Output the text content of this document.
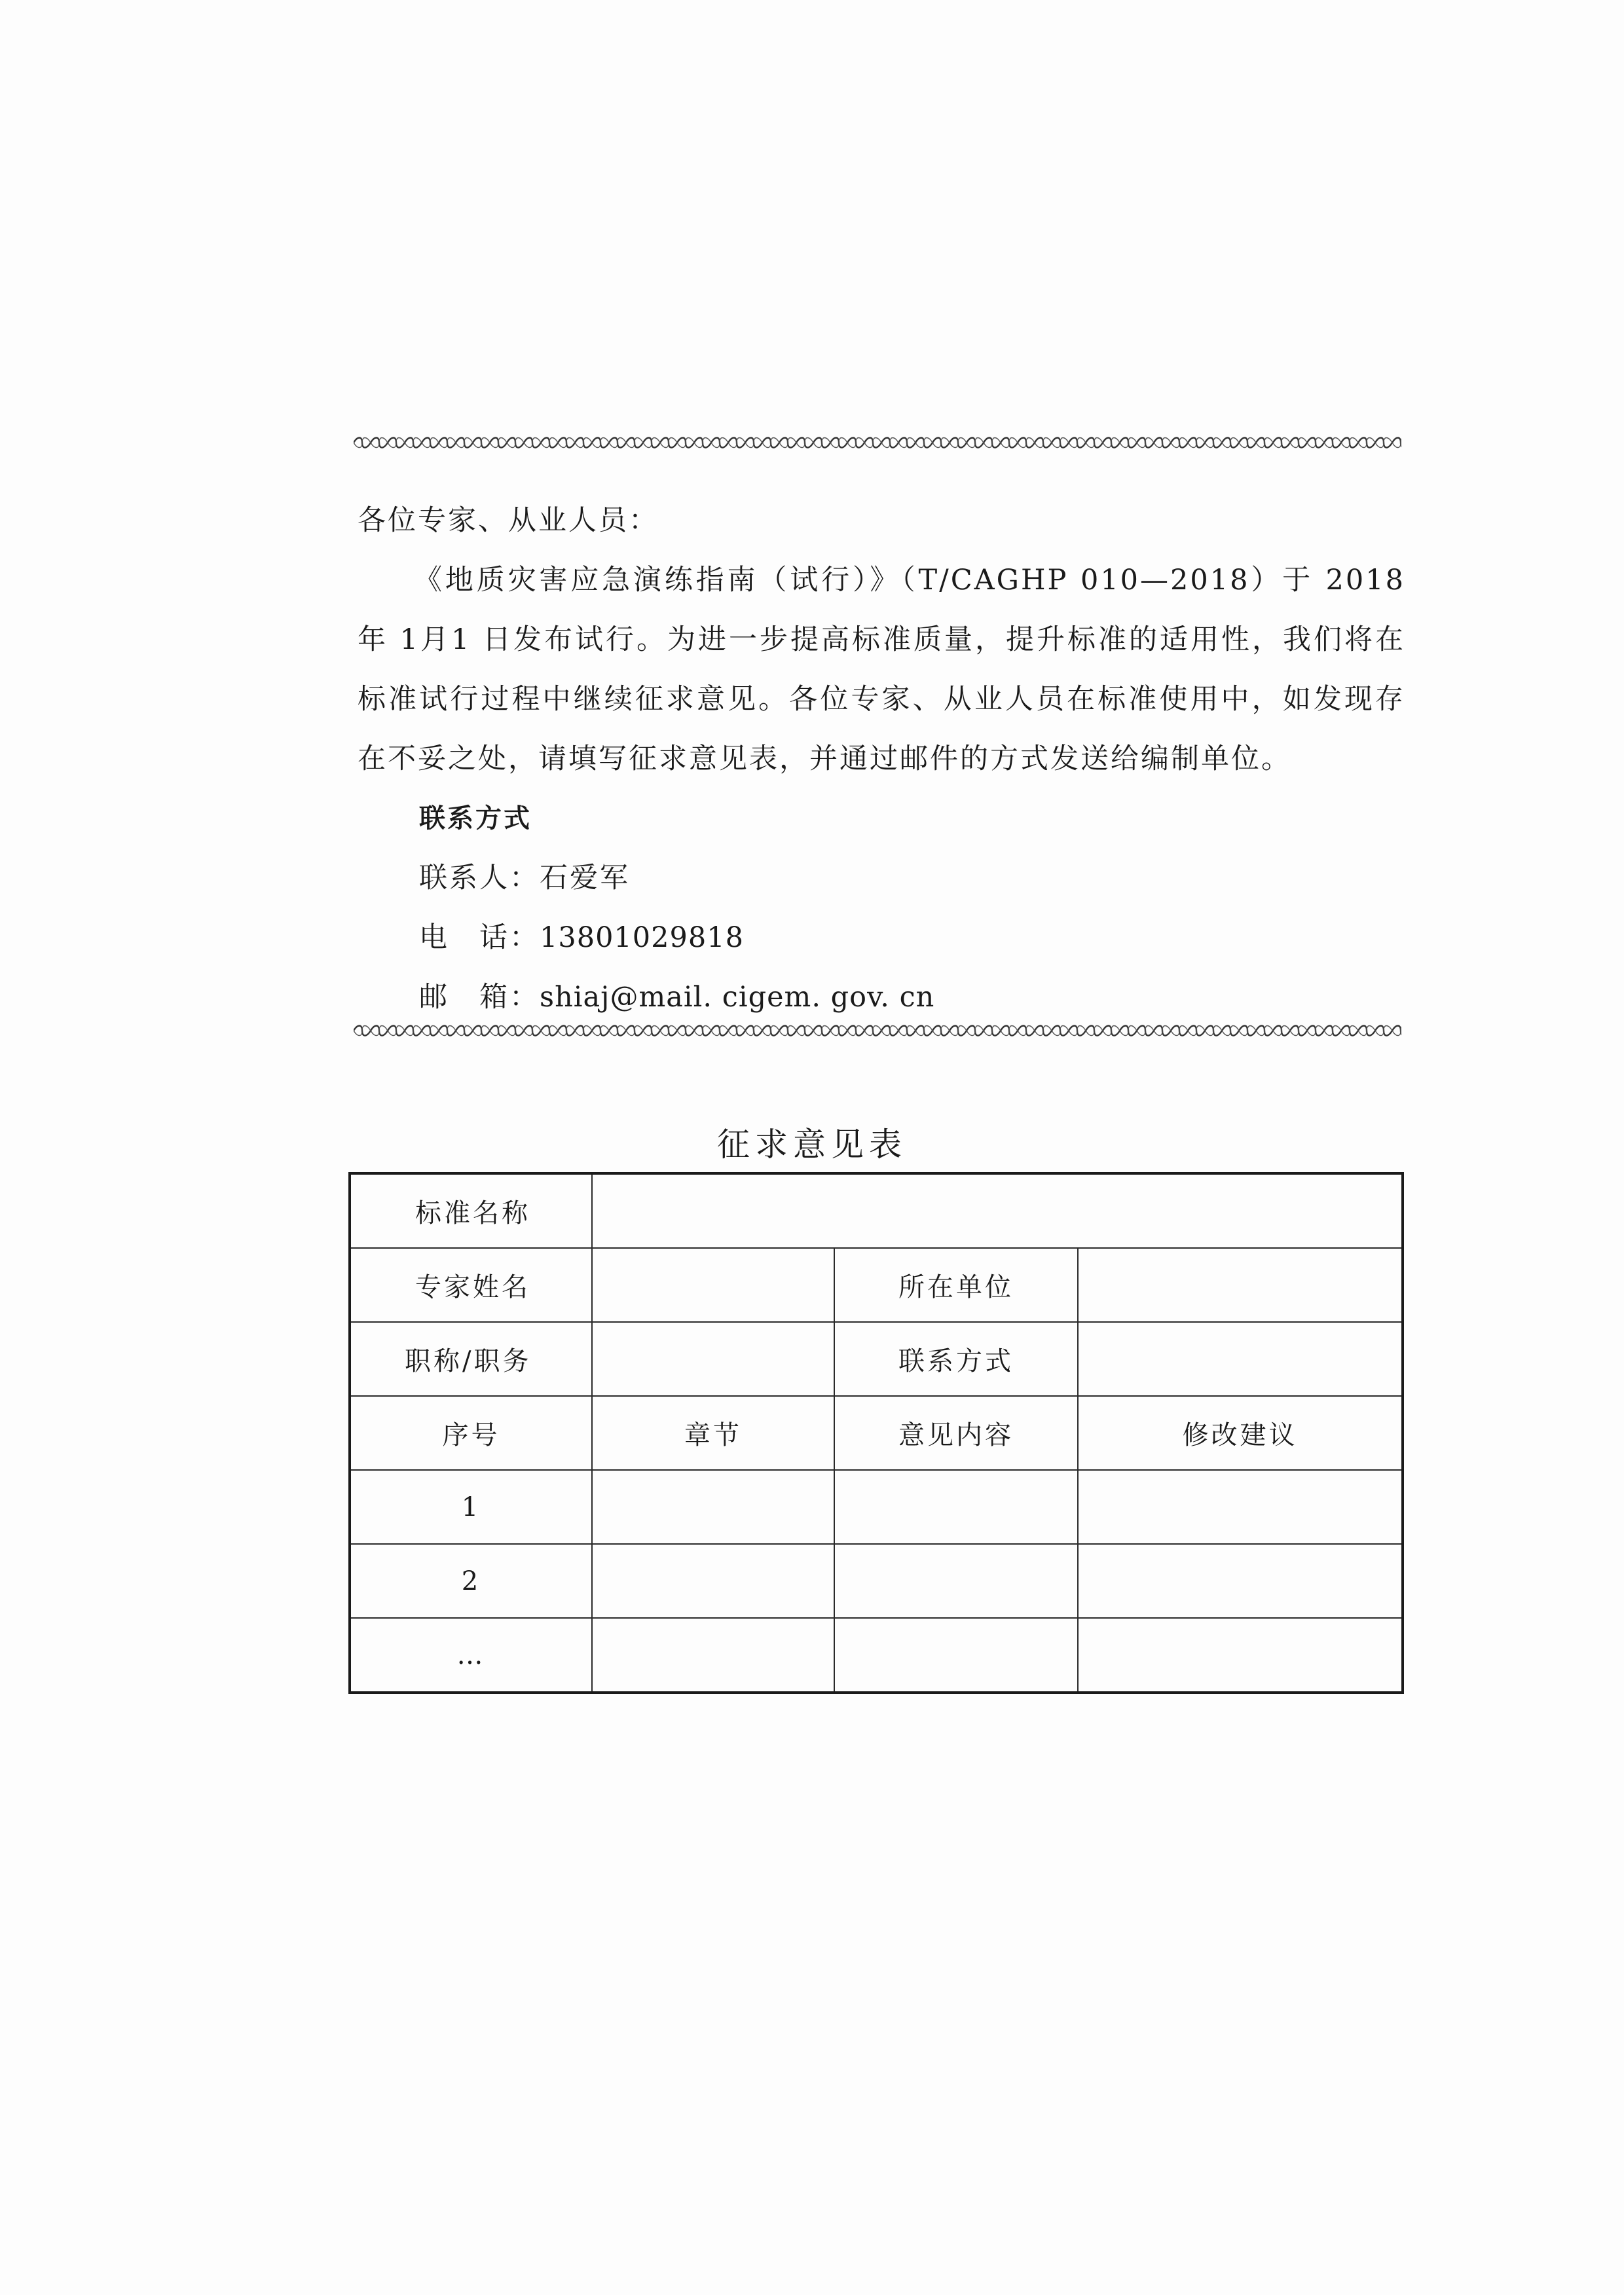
各位专家、从业人员：

《地质灾害应急演练指南（试行）》（T/CAGHP 010—2018）于 2018 年 1月1 日发布试行。为进一步提高标准质量，提升标准的适用性，我们将在标准试行过程中继续征求意见。各位专家、从业人员在标准使用中，如发现存在不妥之处，请填写征求意见表，并通过邮件的方式发送给编制单位。

联系方式

联系人：石爱军

电　话：13801029818

邮　箱：shiaj@mail. cigem. gov. cn

征求意见表
标准名称			
专家姓名		所在单位	
职称/职务		联系方式	
序号	章节	意见内容	修改建议
1			
2			
…			
